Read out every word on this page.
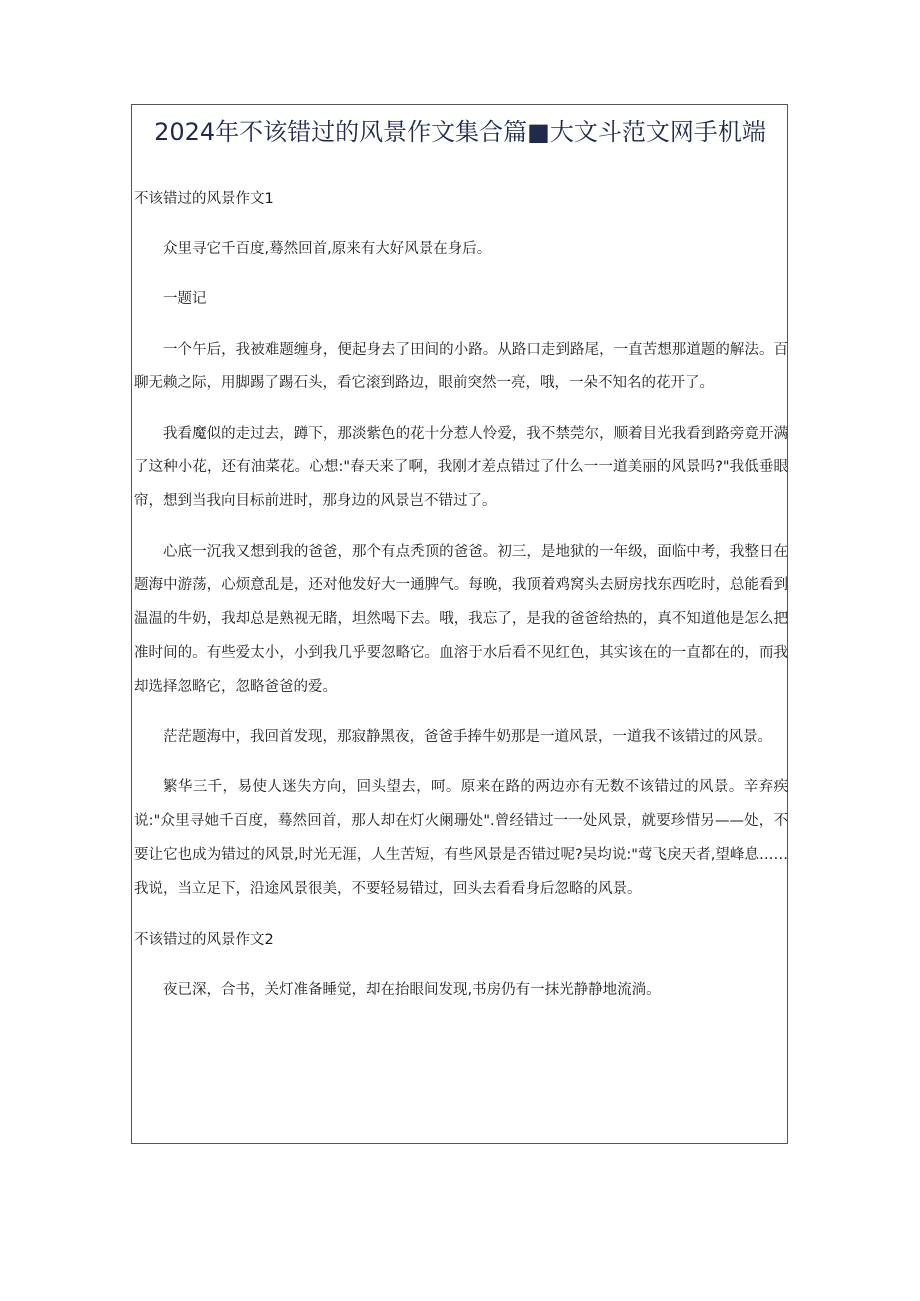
2024年不该错过的风景作文集合篇■大文斗范文网手机端
不该错过的风景作文1

众里寻它千百度,蓦然回首,原来有大好风景在身后。

一题记

一个午后，我被难题缠身，便起身去了田间的小路。从路口走到路尾，一直苦想那道题的解法。百聊无赖之际，用脚踢了踢石头，看它滚到路边，眼前突然一亮，哦，一朵不知名的花开了。

我看魔似的走过去，蹲下，那淡紫色的花十分惹人怜爱，我不禁莞尔，顺着目光我看到路旁竟开满了这种小花，还有油菜花。心想:"春天来了啊，我刚才差点错过了什么一一道美丽的风景吗?"我低垂眼帘，想到当我向目标前进时，那身边的风景岂不错过了。

心底一沉我又想到我的爸爸，那个有点秃顶的爸爸。初三，是地狱的一年级，面临中考，我整日在题海中游荡，心烦意乱是，还对他发好大一通脾气。每晚，我顶着鸡窝头去厨房找东西吃时，总能看到温温的牛奶，我却总是熟视无睹，坦然喝下去。哦，我忘了，是我的爸爸给热的，真不知道他是怎么把准时间的。有些爱太小，小到我几乎要忽略它。血溶于水后看不见红色，其实该在的一直都在的，而我却选择忽略它，忽略爸爸的爱。

茫茫题海中，我回首发现，那寂静黑夜，爸爸手捧牛奶那是一道风景，一道我不该错过的风景。

繁华三千，易使人迷失方向，回头望去，呵。原来在路的两边亦有无数不该错过的风景。辛弃疾说:"众里寻她千百度，蓦然回首，那人却在灯火阑珊处".曾经错过一一处风景，就要珍惜另——处，不要让它也成为错过的风景,时光无涯，人生苦短，有些风景是否错过呢?吴均说:"莺飞戾天者,望峰息……我说，当立足下，沿途风景很美，不要轻易错过，回头去看看身后忽略的风景。

不该错过的风景作文2

夜已深，合书，关灯准备睡觉，却在抬眼间发现,书房仍有一抹光静静地流淌。
